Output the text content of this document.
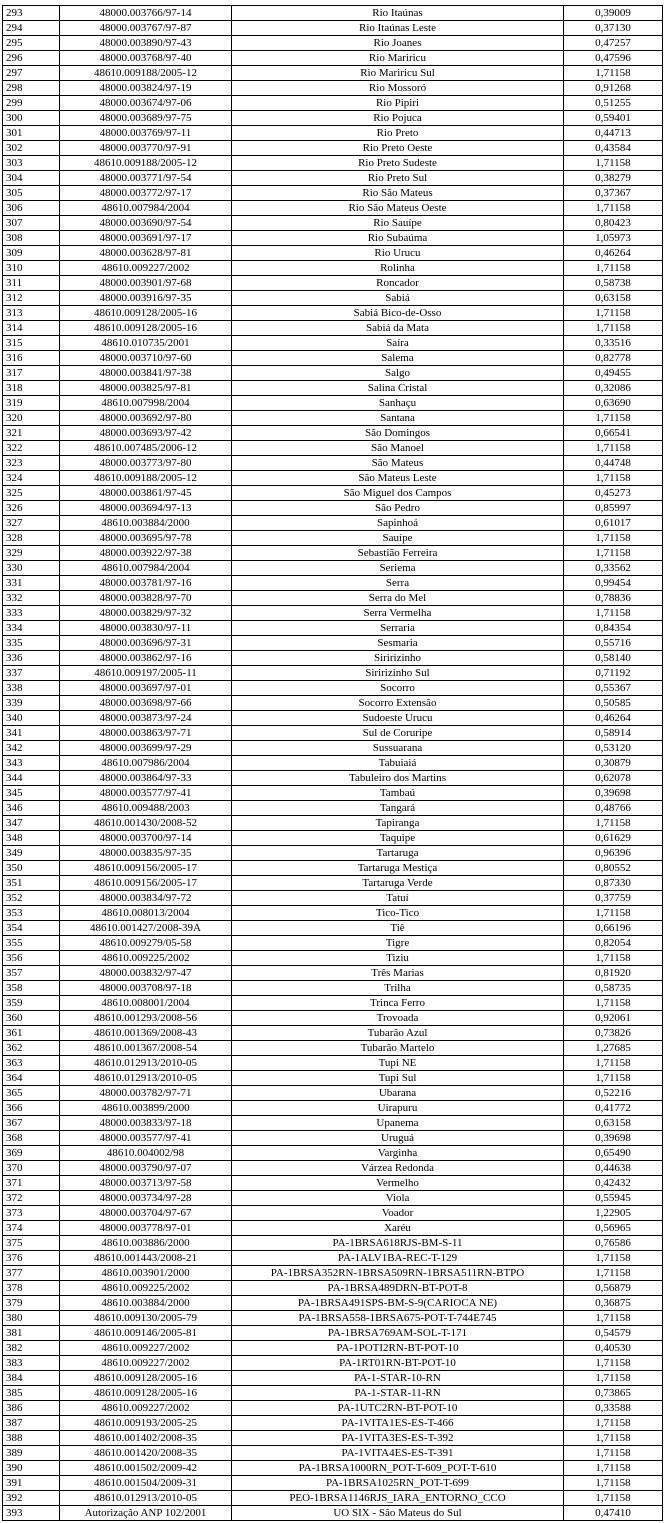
293	48000.003766/97-14	Rio Itaúnas	0,39009
294	48000.003767/97-87	Rio Itaúnas Leste	0,37130
295	48000.003890/97-43	Rio Joanes	0,47257
296	48000.003768/97-40	Rio Mariricu	0,47596
297	48610.009188/2005-12	Rio Mariricu Sul	1,71158
298	48000.003824/97-19	Rio Mossoró	0,91268
299	48000.003674/97-06	Rio Pipiri	0,51255
300	48000.003689/97-75	Rio Pojuca	0,59401
301	48000.003769/97-11	Rio Preto	0,44713
302	48000.003770/97-91	Rio Preto Oeste	0,43584
303	48610.009188/2005-12	Rio Preto Sudeste	1,71158
304	48000.003771/97-54	Rio Preto Sul	0,38279
305	48000.003772/97-17	Rio São Mateus	0,37367
306	48610.007984/2004	Rio São Mateus Oeste	1,71158
307	48000.003690/97-54	Rio Sauípe	0,80423
308	48000.003691/97-17	Rio Subaúma	1,05973
309	48000.003628/97-81	Rio Urucu	0,46264
310	48610.009227/2002	Rolinha	1,71158
311	48000.003901/97-68	Roncador	0,58738
312	48000.003916/97-35	Sabiá	0,63158
313	48610.009128/2005-16	Sabiá Bico-de-Osso	1,71158
314	48610.009128/2005-16	Sabiá da Mata	1,71158
315	48610.010735/2001	Saíra	0,33516
316	48000.003710/97-60	Salema	0,82778
317	48000.003841/97-38	Salgo	0,49455
318	48000.003825/97-81	Salina Cristal	0,32086
319	48610.007998/2004	Sanhaçu	0,63690
320	48000.003692/97-80	Santana	1,71158
321	48000.003693/97-42	São Domingos	0,66541
322	48610.007485/2006-12	São Manoel	1,71158
323	48000.003773/97-80	São Mateus	0,44748
324	48610.009188/2005-12	São Mateus Leste	1,71158
325	48000.003861/97-45	São Miguel dos Campos	0,45273
326	48000.003694/97-13	São Pedro	0,85997
327	48610.003884/2000	Sapinhoá	0,61017
328	48000.003695/97-78	Sauípe	1,71158
329	48000.003922/97-38	Sebastião Ferreira	1,71158
330	48610.007984/2004	Seriema	0,33562
331	48000.003781/97-16	Serra	0,99454
332	48000.003828/97-70	Serra do Mel	0,78836
333	48000.003829/97-32	Serra Vermelha	1,71158
334	48000.003830/97-11	Serraria	0,84354
335	48000.003696/97-31	Sesmaria	0,55716
336	48000.003862/97-16	Siririzinho	0,58140
337	48610.009197/2005-11	Siririzinho Sul	0,71192
338	48000.003697/97-01	Socorro	0,55367
339	48000.003698/97-66	Socorro Extensão	0,50585
340	48000.003873/97-24	Sudoeste Urucu	0,46264
341	48000.003863/97-71	Sul de Coruripe	0,58914
342	48000.003699/97-29	Sussuarana	0,53120
343	48610.007986/2004	Tabuiaiá	0,30879
344	48000.003864/97-33	Tabuleiro dos Martins	0,62078
345	48000.003577/97-41	Tambaú	0,39698
346	48610.009488/2003	Tangará	0,48766
347	48610.001430/2008-52	Tapiranga	1,71158
348	48000.003700/97-14	Taquipe	0,61629
349	48000.003835/97-35	Tartaruga	0,96396
350	48610.009156/2005-17	Tartaruga Mestiça	0,80552
351	48610.009156/2005-17	Tartaruga Verde	0,87330
352	48000.003834/97-72	Tatuí	0,37759
353	48610.008013/2004	Tico-Tico	1,71158
354	48610.001427/2008-39A	Tiê	0,66196
355	48610.009279/05-58	Tigre	0,82054
356	48610.009225/2002	Tiziu	1,71158
357	48000.003832/97-47	Três Marias	0,81920
358	48000.003708/97-18	Trilha	0,58735
359	48610.008001/2004	Trinca Ferro	1,71158
360	48610.001293/2008-56	Trovoada	0,92061
361	48610.001369/2008-43	Tubarão Azul	0,73826
362	48610.001367/2008-54	Tubarão Martelo	1,27685
363	48610.012913/2010-05	Tupi NE	1,71158
364	48610.012913/2010-05	Tupi Sul	1,71158
365	48000.003782/97-71	Ubarana	0,52216
366	48610.003899/2000	Uirapuru	0,41772
367	48000.003833/97-18	Upanema	0,63158
368	48000.003577/97-41	Uruguá	0,39698
369	48610.004002/98	Varginha	0,65490
370	48000.003790/97-07	Várzea Redonda	0,44638
371	48000.003713/97-58	Vermelho	0,42432
372	48000.003734/97-28	Viola	0,55945
373	48000.003704/97-67	Voador	1,22905
374	48000.003778/97-01	Xaréu	0,56965
375	48610.003886/2000	PA-1BRSA618RJS-BM-S-11	0,76586
376	48610.001443/2008-21	PA-1ALV1BA-REC-T-129	1,71158
377	48610.003901/2000	PA-1BRSA352RN-1BRSA509RN-1BRSA511RN-BTPO	1,71158
378	48610.009225/2002	PA-1BRSA489DRN-BT-POT-8	0,56879
379	48610.003884/2000	PA-1BRSA491SPS-BM-S-9(CARIOCA NE)	0,36875
380	48610.009130/2005-79	PA-1BRSA558-1BRSA675-POT-T-744E745	1,71158
381	48610.009146/2005-81	PA-1BRSA769AM-SOL-T-171	0,54579
382	48610.009227/2002	PA-1POTI2RN-BT-POT-10	0,40530
383	48610.009227/2002	PA-1RT01RN-BT-POT-10	1,71158
384	48610.009128/2005-16	PA-1-STAR-10-RN	1,71158
385	48610.009128/2005-16	PA-1-STAR-11-RN	0,73865
386	48610.009227/2002	PA-1UTC2RN-BT-POT-10	0,33588
387	48610.009193/2005-25	PA-1VITA1ES-ES-T-466	1,71158
388	48610.001402/2008-35	PA-1VITA3ES-ES-T-392	1,71158
389	48610.001420/2008-35	PA-1VITA4ES-ES-T-391	1,71158
390	48610.001502/2009-42	PA-1BRSA1000RN_POT-T-609_POT-T-610	1,71158
391	48610.001504/2009-31	PA-1BRSA1025RN_POT-T-699	1,71158
392	48610.012913/2010-05	PEO-1BRSA1146RJS_IARA_ENTORNO_CCO	1,71158
393	Autorização ANP 102/2001	UO SIX - São Mateus do Sul	0,47410
